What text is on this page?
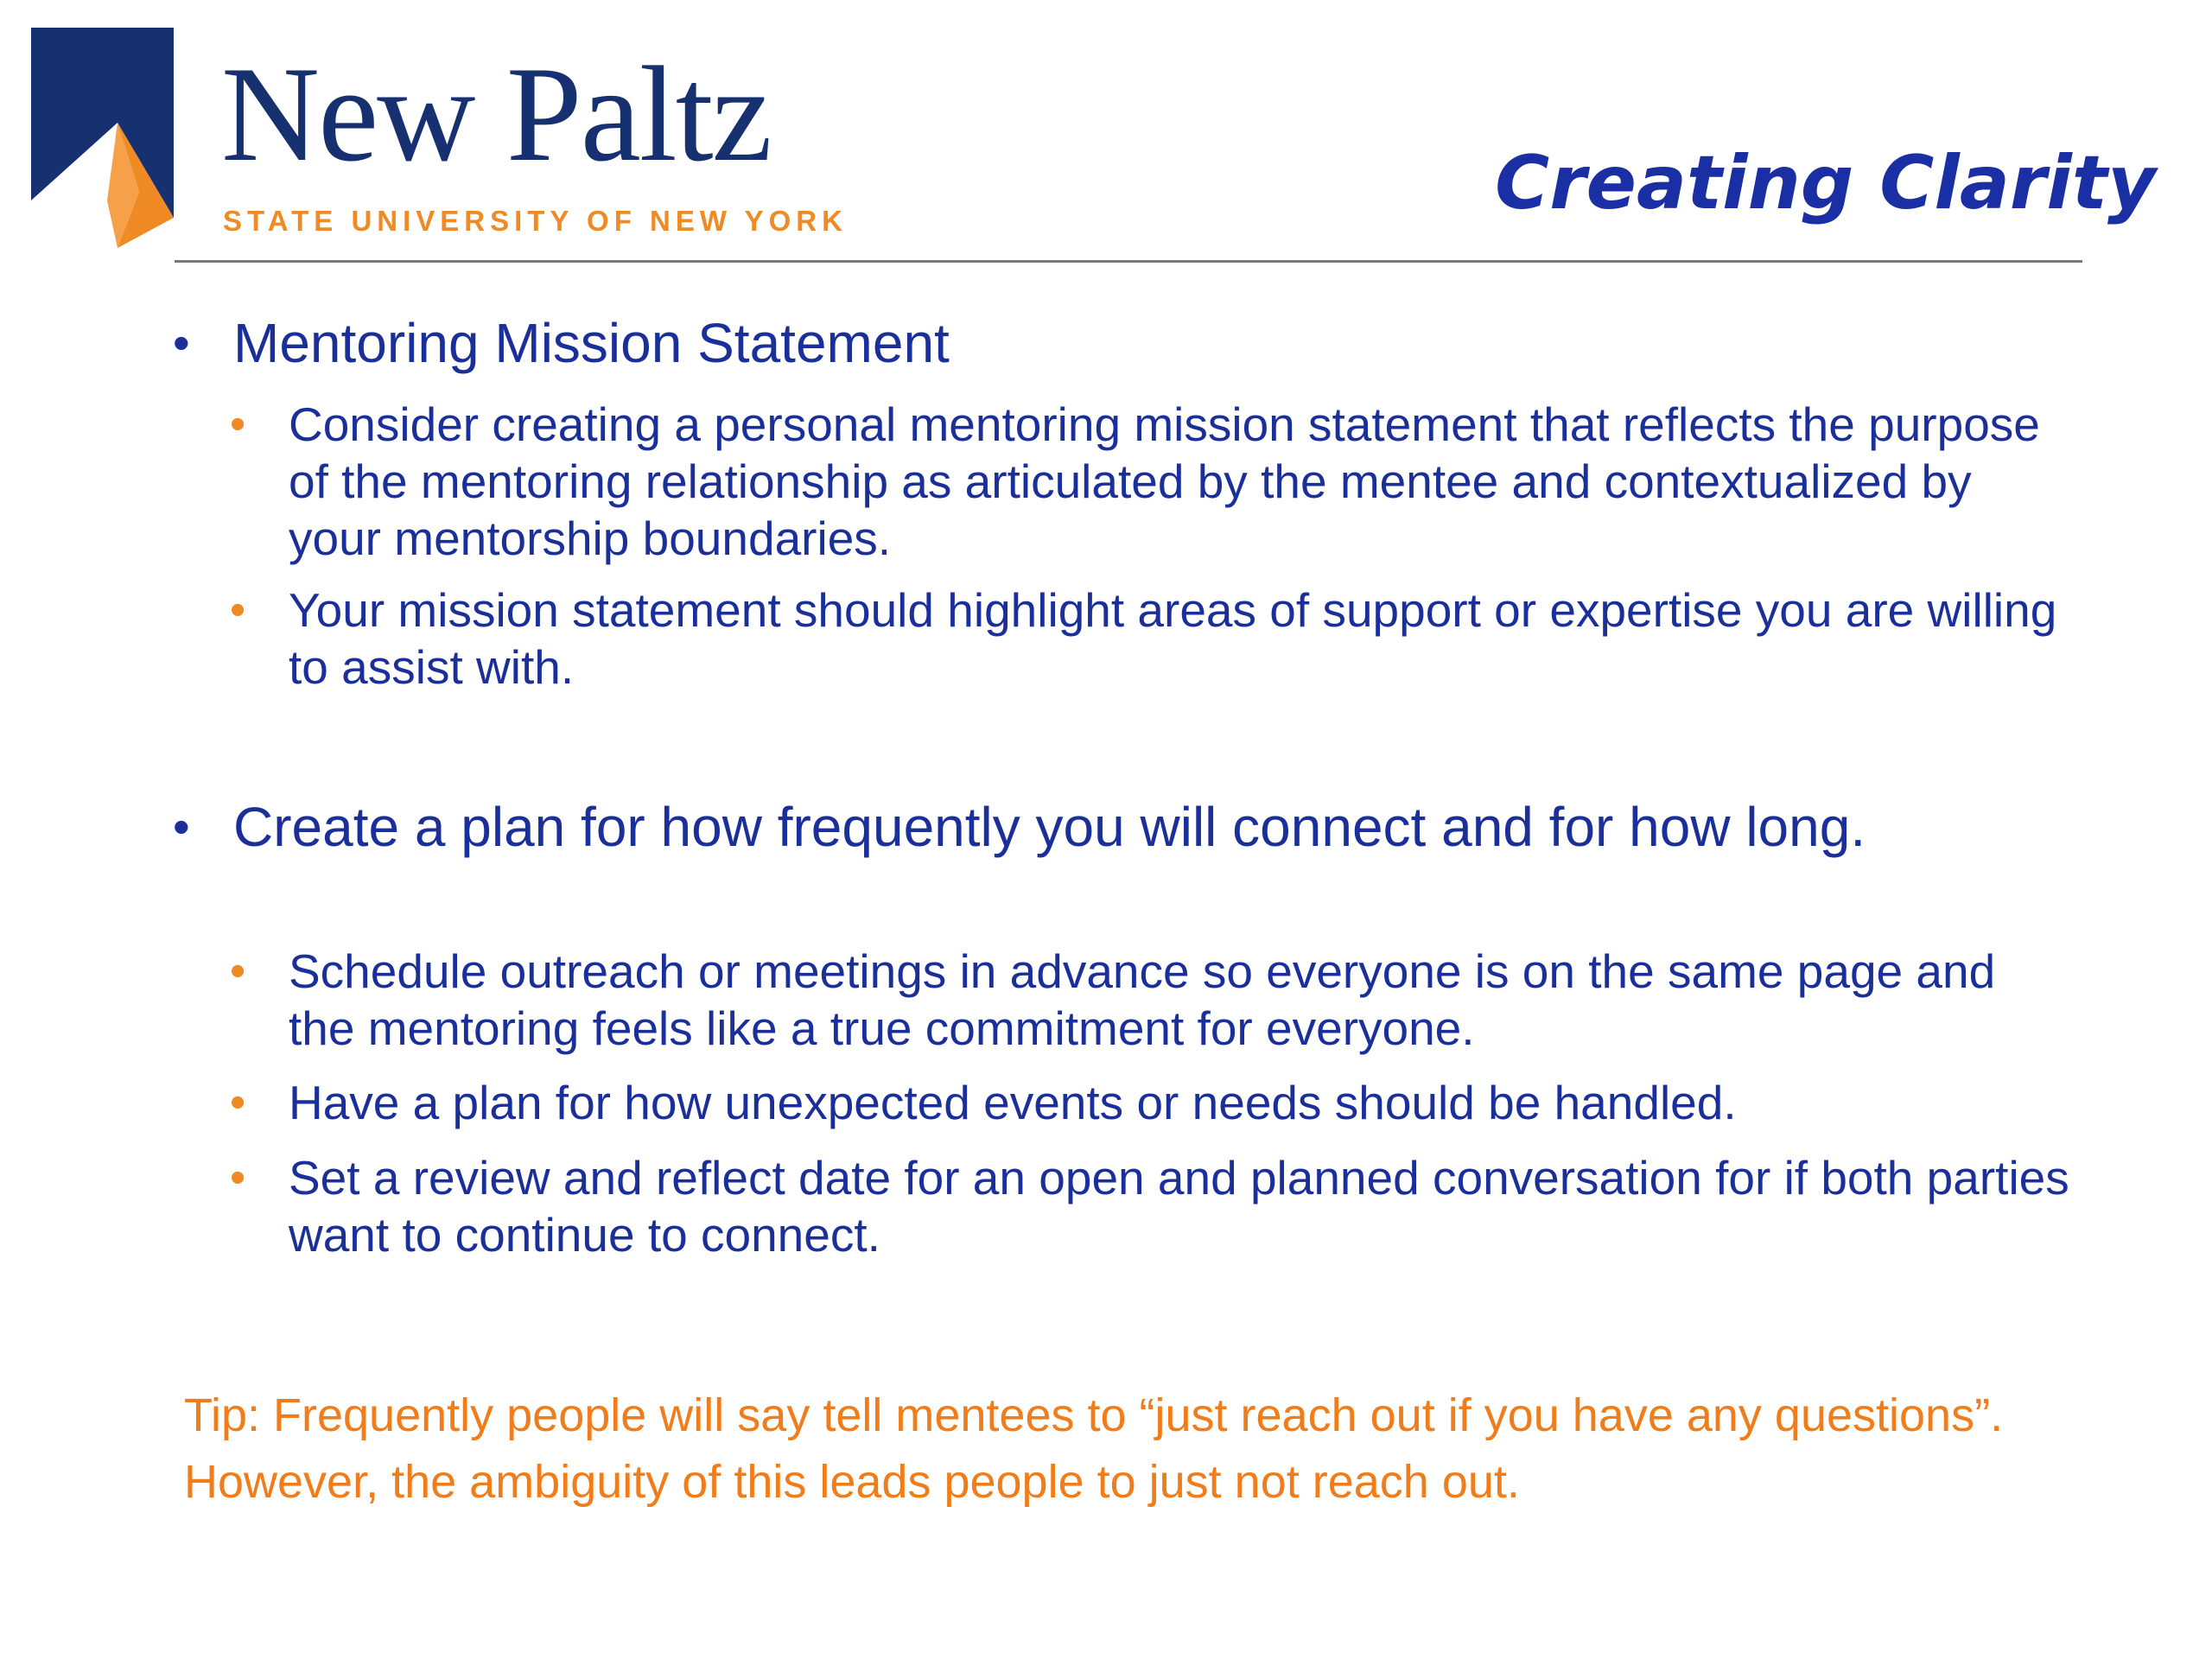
New Paltz
STATE UNIVERSITY OF NEW YORK	Creating Clarity
• Mentoring Mission Statement
• Consider creating a personal mentoring mission statement that reflects the purpose of the mentoring relationship as articulated by the mentee and contextualized by your mentorship boundaries.
• Your mission statement should highlight areas of support or expertise you are willing to assist with.
• Create a plan for how frequently you will connect and for how long.
• Schedule outreach or meetings in advance so everyone is on the same page and the mentoring feels like a true commitment for everyone.
• Have a plan for how unexpected events or needs should be handled.
• Set a review and reflect date for an open and planned conversation for if both parties want to continue to connect.
Tip: Frequently people will say tell mentees to “just reach out if you have any questions”. However, the ambiguity of this leads people to just not reach out.
